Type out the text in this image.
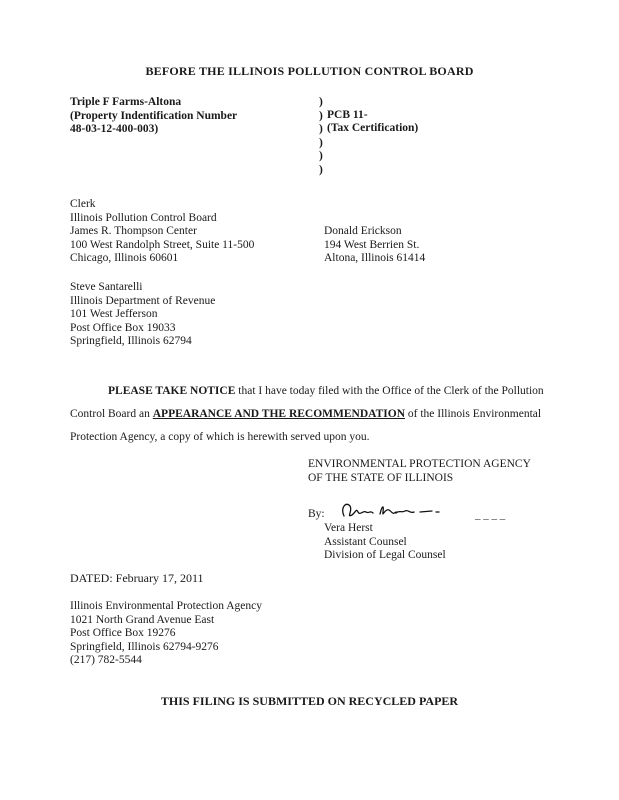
BEFORE THE ILLINOIS POLLUTION CONTROL BOARD
Triple F Farms-Altona
(Property Indentification Number
48-03-12-400-003)
)
)
)
)
)
)
PCB 11-
(Tax Certification)
Clerk
Illinois Pollution Control Board
James R. Thompson Center
100 West Randolph Street, Suite 11-500
Chicago, Illinois 60601
Donald Erickson
194 West Berrien St.
Altona, Illinois 61414
Steve Santarelli
Illinois Department of Revenue
101 West Jefferson
Post Office Box 19033
Springfield, Illinois 62794
PLEASE TAKE NOTICE that I have today filed with the Office of the Clerk of the Pollution Control Board an APPEARANCE AND THE RECOMMENDATION of the Illinois Environmental Protection Agency, a copy of which is herewith served upon you.
ENVIRONMENTAL PROTECTION AGENCY
OF THE STATE OF ILLINOIS
By:	_ _ _ _
Vera Herst
Assistant Counsel
Division of Legal Counsel
DATED: February 17, 2011
Illinois Environmental Protection Agency
1021 North Grand Avenue East
Post Office Box 19276
Springfield, Illinois 62794-9276
(217) 782-5544
THIS FILING IS SUBMITTED ON RECYCLED PAPER
